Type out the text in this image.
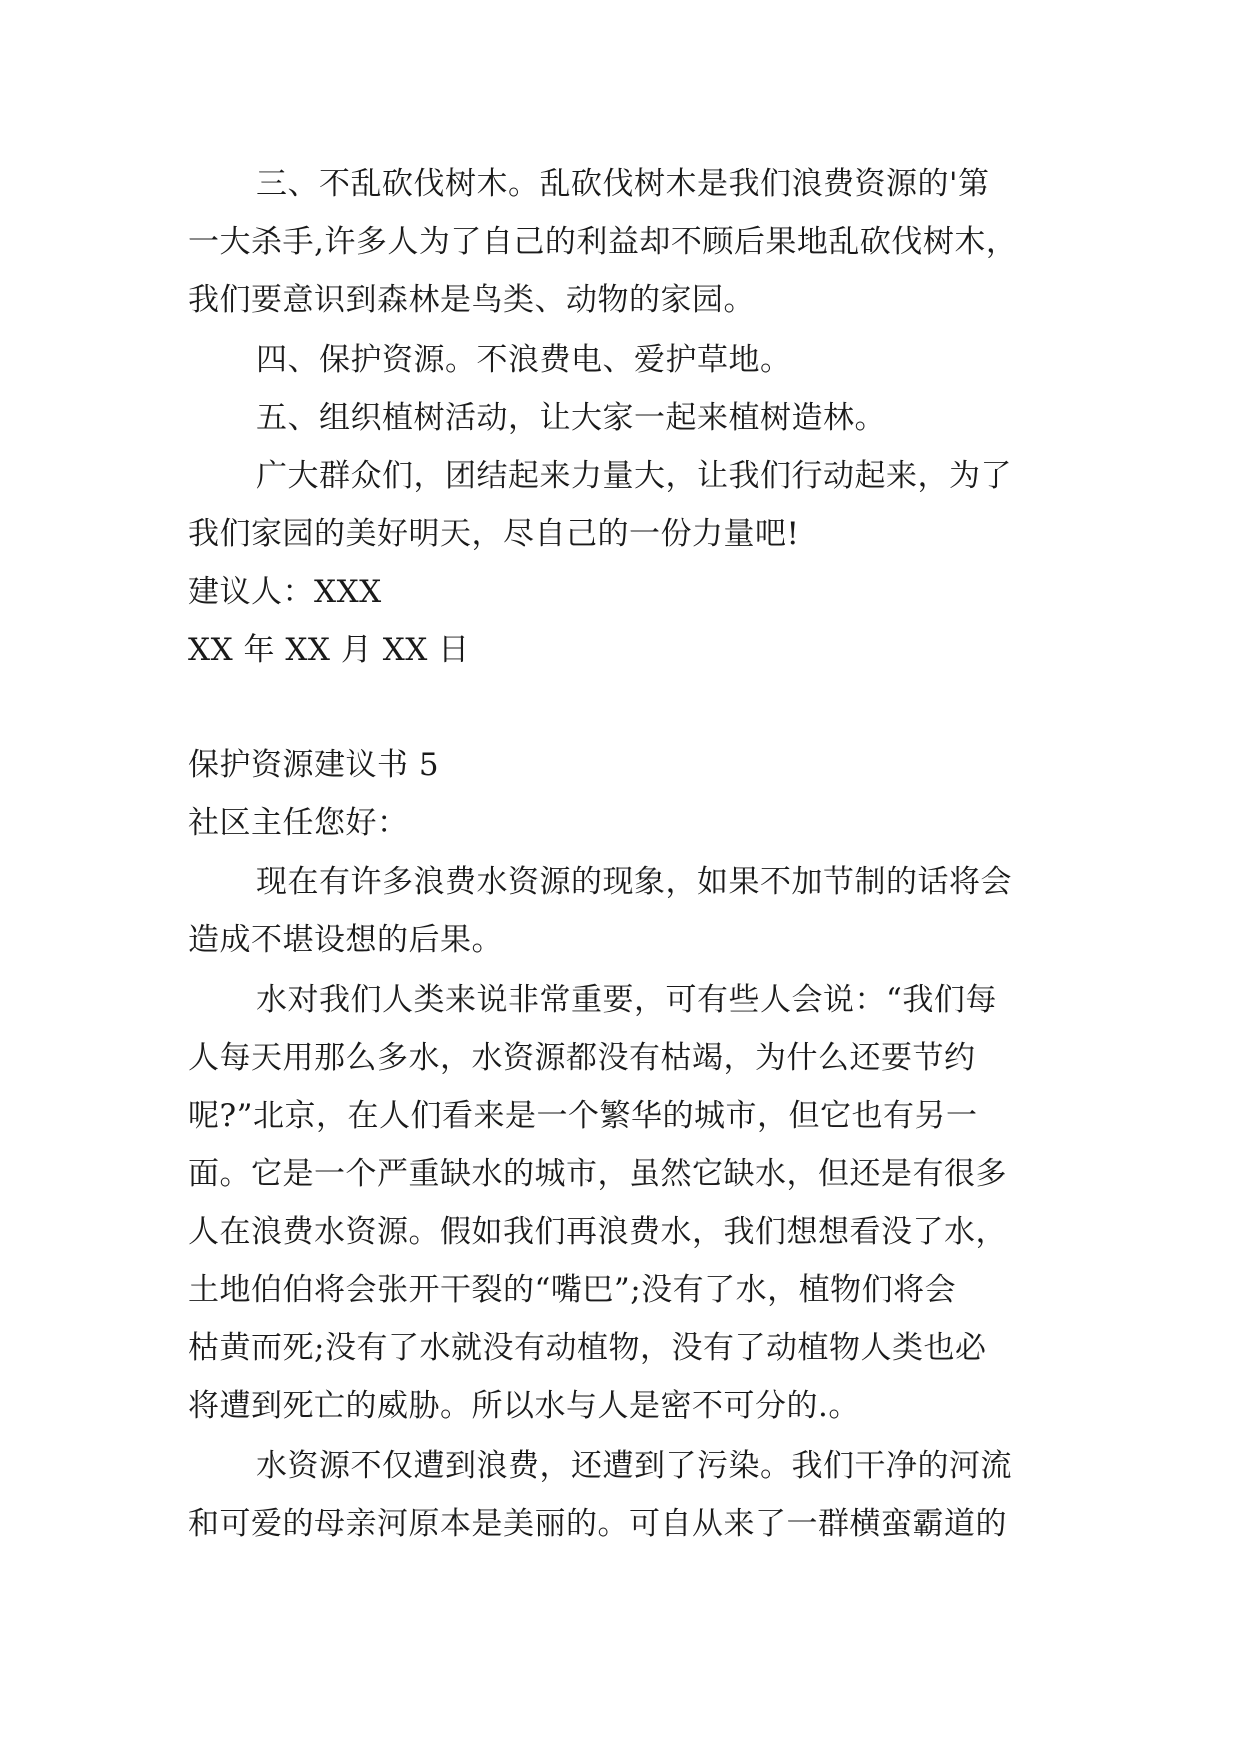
三、不乱砍伐树木。乱砍伐树木是我们浪费资源的'第
一大杀手,许多人为了自己的利益却不顾后果地乱砍伐树木，
我们要意识到森林是鸟类、动物的家园。
四、保护资源。不浪费电、爱护草地。
五、组织植树活动，让大家一起来植树造林。
广大群众们，团结起来力量大，让我们行动起来，为了
我们家园的美好明天，尽自己的一份力量吧!
建议人：XXX
XX 年 XX 月 XX 日
保护资源建议书 5
社区主任您好：
现在有许多浪费水资源的现象，如果不加节制的话将会
造成不堪设想的后果。
水对我们人类来说非常重要，可有些人会说：“我们每
人每天用那么多水，水资源都没有枯竭，为什么还要节约
呢?”北京，在人们看来是一个繁华的城市，但它也有另一
面。它是一个严重缺水的城市，虽然它缺水，但还是有很多
人在浪费水资源。假如我们再浪费水，我们想想看没了水，
土地伯伯将会张开干裂的“嘴巴”;没有了水，植物们将会
枯黄而死;没有了水就没有动植物，没有了动植物人类也必
将遭到死亡的威胁。所以水与人是密不可分的.。
水资源不仅遭到浪费，还遭到了污染。我们干净的河流
和可爱的母亲河原本是美丽的。可自从来了一群横蛮霸道的
